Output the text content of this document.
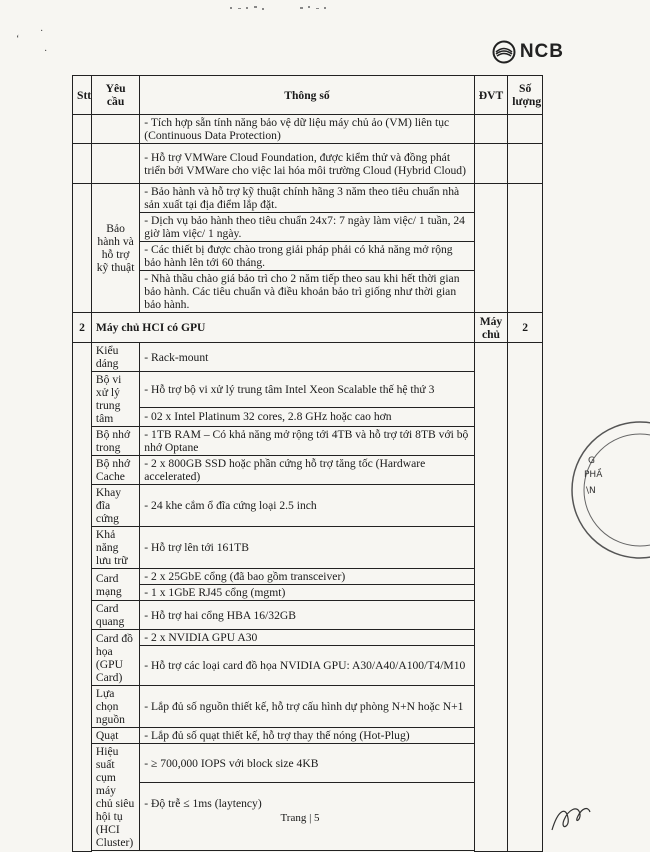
‘
·
·	NCB
Stt	Yêu cầu	Thông số	ĐVT	Số lượng
		- Tích hợp sẵn tính năng bảo vệ dữ liệu máy chủ ảo (VM) liên tục (Continuous Data Protection)		
		- Hỗ trợ VMWare Cloud Foundation, được kiểm thử và đồng phát triển bởi VMWare cho việc lai hóa môi trường Cloud (Hybrid Cloud)		
	Bảo hành và hỗ trợ kỹ thuật	- Bảo hành và hỗ trợ kỹ thuật chính hãng 3 năm theo tiêu chuẩn nhà sản xuất tại địa điểm lắp đặt.		
		- Dịch vụ bảo hành theo tiêu chuẩn 24x7: 7 ngày làm việc/ 1 tuần, 24 giờ làm việc/ 1 ngày.		
		- Các thiết bị được chào trong giải pháp phải có khả năng mở rộng bảo hành lên tới 60 tháng.		
		- Nhà thầu chào giá bảo trì cho 2 năm tiếp theo sau khi hết thời gian bảo hành. Các tiêu chuẩn và điều khoản bảo trì giống như thời gian bảo hành.		
2	Máy chủ HCI có GPU		Máy chủ	2
	Kiểu dáng	- Rack-mount		
	Bộ vi xử lý trung tâm	- Hỗ trợ bộ vi xử lý trung tâm Intel Xeon Scalable thế hệ thứ 3		
		- 02 x Intel Platinum 32 cores, 2.8 GHz hoặc cao hơn		
	Bộ nhớ trong	- 1TB RAM – Có khả năng mở rộng tới 4TB và hỗ trợ tới 8TB với bộ nhớ Optane		
	Bộ nhớ Cache	- 2 x 800GB SSD hoặc phần cứng hỗ trợ tăng tốc (Hardware accelerated)		
	Khay đĩa cứng	- 24 khe cắm ổ đĩa cứng loại 2.5 inch		
	Khả năng lưu trữ	- Hỗ trợ lên tới 161TB		
	Card mạng	- 2 x 25GbE cổng (đã bao gồm transceiver)		
		- 1 x 1GbE RJ45 cổng (mgmt)		
	Card quang	- Hỗ trợ hai cổng HBA 16/32GB		
	Card đồ họa (GPU Card)	- 2 x NVIDIA GPU A30		
		- Hỗ trợ các loại card đồ họa NVIDIA GPU: A30/A40/A100/T4/M10		
	Lựa chọn nguồn	- Lắp đủ số nguồn thiết kế, hỗ trợ cấu hình dự phòng N+N hoặc N+1		
	Quạt	- Lắp đủ số quạt thiết kế, hỗ trợ thay thế nóng (Hot-Plug)		
	Hiệu suất cụm máy chủ siêu hội tụ (HCI Cluster)	- ≥ 700,000 IOPS với block size 4KB		
		- Độ trễ ≤ 1ms (laytency)		

G
PHẦ
\N
Trang | 5
